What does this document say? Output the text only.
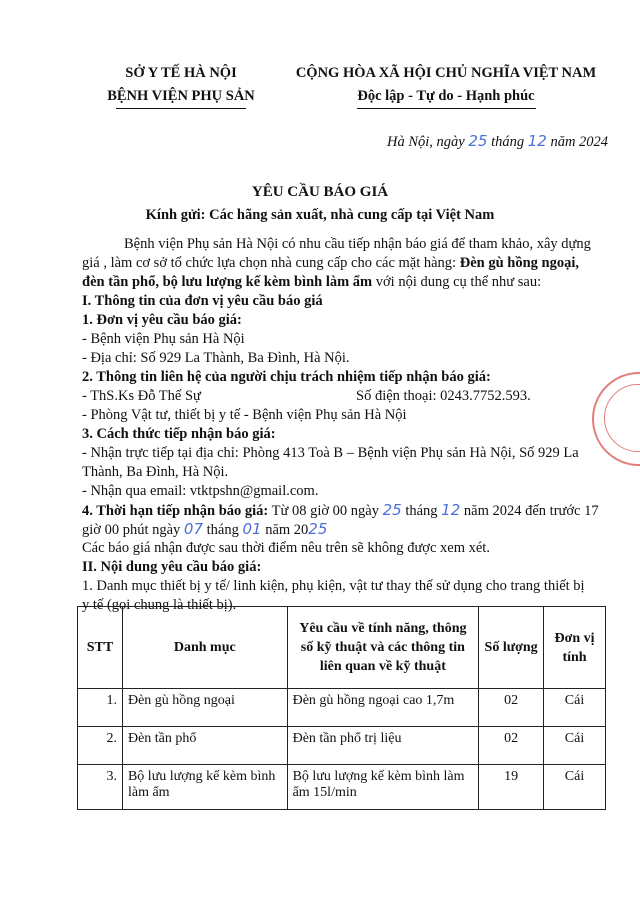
SỞ Y TẾ HÀ NỘI
BỆNH VIỆN PHỤ SẢN
CỘNG HÒA XÃ HỘI CHỦ NGHĨA VIỆT NAM
Độc lập - Tự do - Hạnh phúc
Hà Nội, ngày 25 tháng 12 năm 2024
YÊU CẦU BÁO GIÁ
Kính gửi: Các hãng sản xuất, nhà cung cấp tại Việt Nam
Bệnh viện Phụ sản Hà Nội có nhu cầu tiếp nhận báo giá để tham khảo, xây dựng
giá , làm cơ sở tổ chức lựa chọn nhà cung cấp cho các mặt hàng: Đèn gù hồng ngoại,
đèn tần phổ, bộ lưu lượng kế kèm bình làm ẩm với nội dung cụ thể như sau:
I. Thông tin của đơn vị yêu cầu báo giá
1. Đơn vị yêu cầu báo giá:
- Bệnh viện Phụ sản Hà Nội
- Địa chỉ: Số 929 La Thành, Ba Đình, Hà Nội.
2. Thông tin liên hệ của người chịu trách nhiệm tiếp nhận báo giá:
- ThS.Ks Đỗ Thế Sự	Số điện thoại: 0243.7752.593.
- Phòng Vật tư, thiết bị y tế - Bệnh viện Phụ sản Hà Nội
3. Cách thức tiếp nhận báo giá:
- Nhận trực tiếp tại địa chỉ: Phòng 413 Toà B – Bệnh viện Phụ sản Hà Nội, Số 929 La
Thành, Ba Đình, Hà Nội.
- Nhận qua email: vtktpshn@gmail.com.
4. Thời hạn tiếp nhận báo giá: Từ 08 giờ 00 ngày 25 tháng 12 năm 2024 đến trước 17
giờ 00 phút ngày 07 tháng 01 năm 2025
Các báo giá nhận được sau thời điểm nêu trên sẽ không được xem xét.
II. Nội dung yêu cầu báo giá:
1. Danh mục thiết bị y tế/ linh kiện, phụ kiện, vật tư thay thế sử dụng cho trang thiết bị
y tế (gọi chung là thiết bị).
STT	Danh mục	Yêu cầu về tính năng, thông số kỹ thuật và các thông tin liên quan về kỹ thuật	Số lượng	Đơn vị tính
1.	Đèn gù hồng ngoại	Đèn gù hồng ngoại cao 1,7m	02	Cái
2.	Đèn tần phổ	Đèn tần phổ trị liệu	02	Cái
3.	Bộ lưu lượng kế kèm bình làm ẩm	Bộ lưu lượng kế kèm bình làm ẩm 15l/min	19	Cái
